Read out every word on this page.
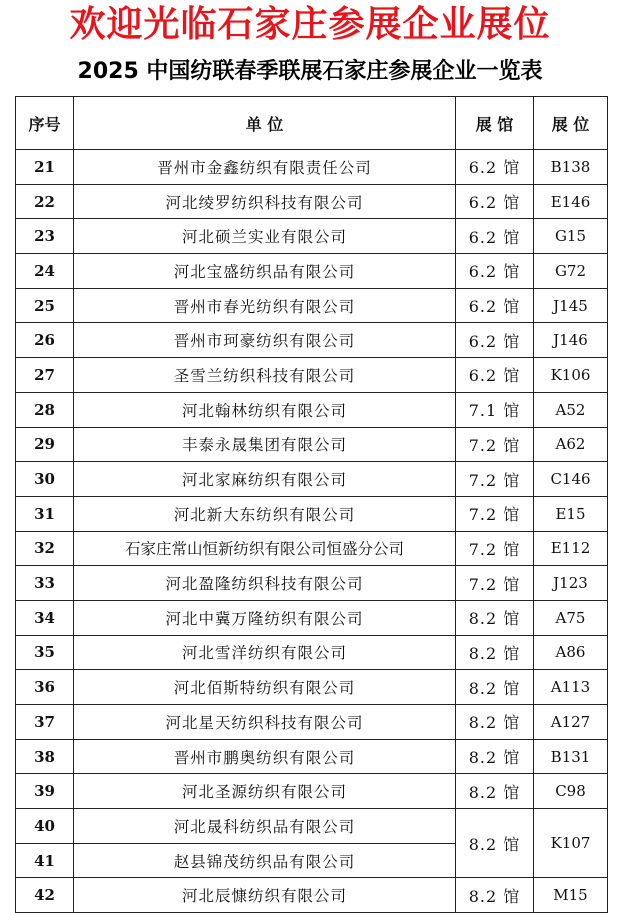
欢迎光临石家庄参展企业展位
2025 中国纺联春季联展石家庄参展企业一览表
序号	单 位	展 馆	展 位
21	晋州市金鑫纺织有限责任公司	6.2 馆	B138
22	河北绫罗纺织科技有限公司	6.2 馆	E146
23	河北硕兰实业有限公司	6.2 馆	G15
24	河北宝盛纺织品有限公司	6.2 馆	G72
25	晋州市春光纺织有限公司	6.2 馆	J145
26	晋州市珂豪纺织有限公司	6.2 馆	J146
27	圣雪兰纺织科技有限公司	6.2 馆	K106
28	河北翰林纺织有限公司	7.1 馆	A52
29	丰泰永晟集团有限公司	7.2 馆	A62
30	河北家麻纺织有限公司	7.2 馆	C146
31	河北新大东纺织有限公司	7.2 馆	E15
32	石家庄常山恒新纺织有限公司恒盛分公司	7.2 馆	E112
33	河北盈隆纺织科技有限公司	7.2 馆	J123
34	河北中冀万隆纺织有限公司	8.2 馆	A75
35	河北雪洋纺织有限公司	8.2 馆	A86
36	河北佰斯特纺织有限公司	8.2 馆	A113
37	河北星天纺织科技有限公司	8.2 馆	A127
38	晋州市鹏奥纺织有限公司	8.2 馆	B131
39	河北圣源纺织有限公司	8.2 馆	C98
40	河北晟科纺织品有限公司	8.2 馆	K107
41	赵县锦茂纺织品有限公司		
42	河北辰慷纺织有限公司	8.2 馆	M15
